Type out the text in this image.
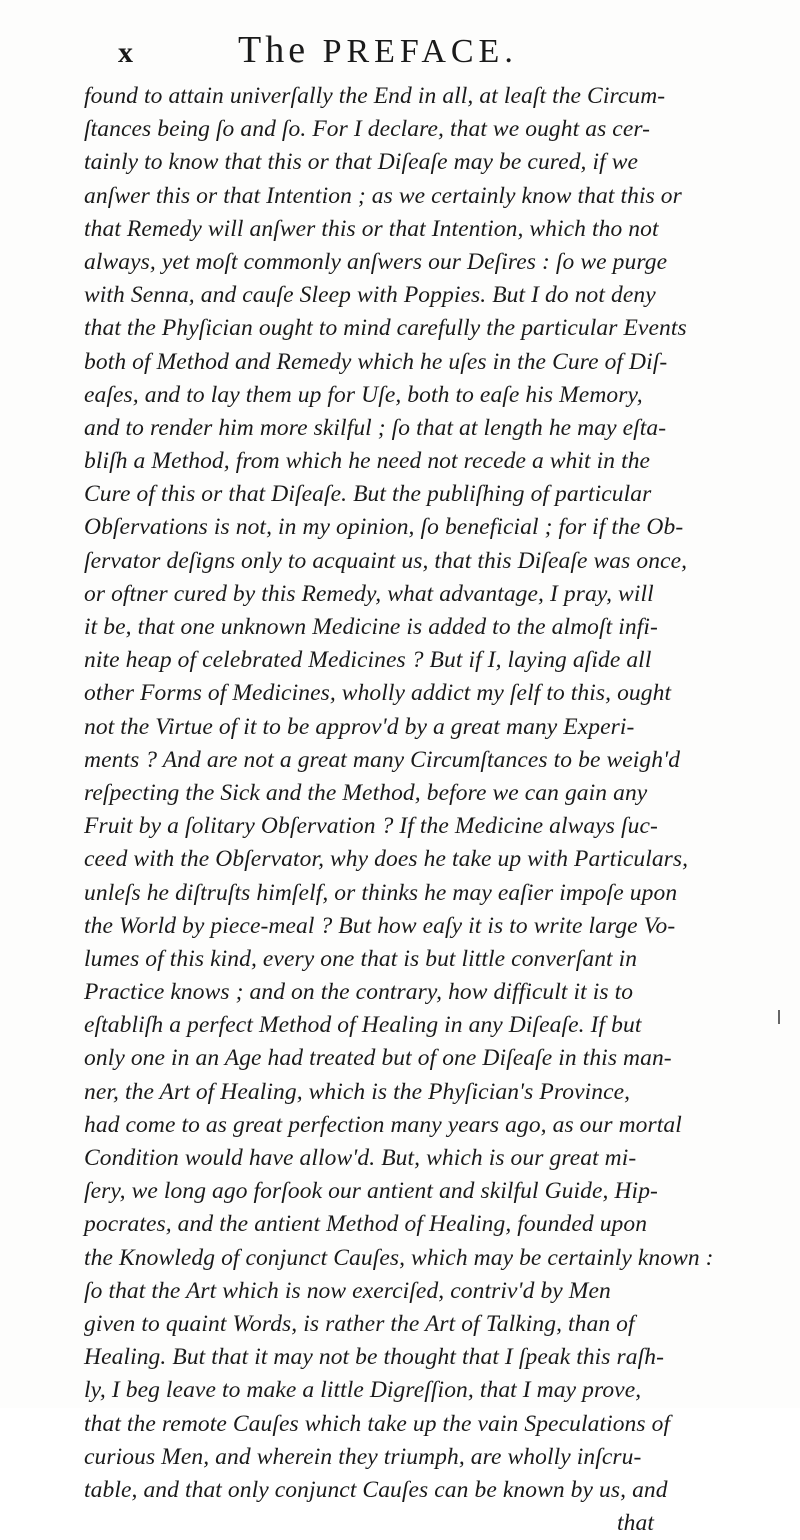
x	The PREFACE.
found to attain univerſally the End in all, at leaſt the Circum-
ſtances being ſo and ſo. For I declare, that we ought as cer-
tainly to know that this or that Diſeaſe may be cured, if we
anſwer this or that Intention ; as we certainly know that this or
that Remedy will anſwer this or that Intention, which tho not
always, yet moſt commonly anſwers our Deſires : ſo we purge
with Senna, and cauſe Sleep with Poppies. But I do not deny
that the Phyſician ought to mind carefully the particular Events
both of Method and Remedy which he uſes in the Cure of Diſ-
eaſes, and to lay them up for Uſe, both to eaſe his Memory,
and to render him more skilful ; ſo that at length he may eſta-
bliſh a Method, from which he need not recede a whit in the
Cure of this or that Diſeaſe. But the publiſhing of particular
Obſervations is not, in my opinion, ſo beneficial ; for if the Ob-
ſervator deſigns only to acquaint us, that this Diſeaſe was once,
or oftner cured by this Remedy, what advantage, I pray, will
it be, that one unknown Medicine is added to the almoſt infi-
nite heap of celebrated Medicines ? But if I, laying aſide all
other Forms of Medicines, wholly addict my ſelf to this, ought
not the Virtue of it to be approv'd by a great many Experi-
ments ? And are not a great many Circumſtances to be weigh'd
reſpecting the Sick and the Method, before we can gain any
Fruit by a ſolitary Obſervation ? If the Medicine always ſuc-
ceed with the Obſervator, why does he take up with Particulars,
unleſs he diſtruſts himſelf, or thinks he may eaſier impoſe upon
the World by piece-meal ? But how eaſy it is to write large Vo-
lumes of this kind, every one that is but little converſant in
Practice knows ; and on the contrary, how difficult it is to
eſtabliſh a perfect Method of Healing in any Diſeaſe. If but
only one in an Age had treated but of one Diſeaſe in this man-
ner, the Art of Healing, which is the Phyſician's Province,
had come to as great perfection many years ago, as our mortal
Condition would have allow'd. But, which is our great mi-
ſery, we long ago forſook our antient and skilful Guide, Hip-
pocrates, and the antient Method of Healing, founded upon
the Knowledg of conjunct Cauſes, which may be certainly known :
ſo that the Art which is now exerciſed, contriv'd by Men
given to quaint Words, is rather the Art of Talking, than of
Healing. But that it may not be thought that I ſpeak this raſh-
ly, I beg leave to make a little Digreſſion, that I may prove,
that the remote Cauſes which take up the vain Speculations of
curious Men, and wherein they triumph, are wholly inſcru-
table, and that only conjunct Cauſes can be known by us, and
that
